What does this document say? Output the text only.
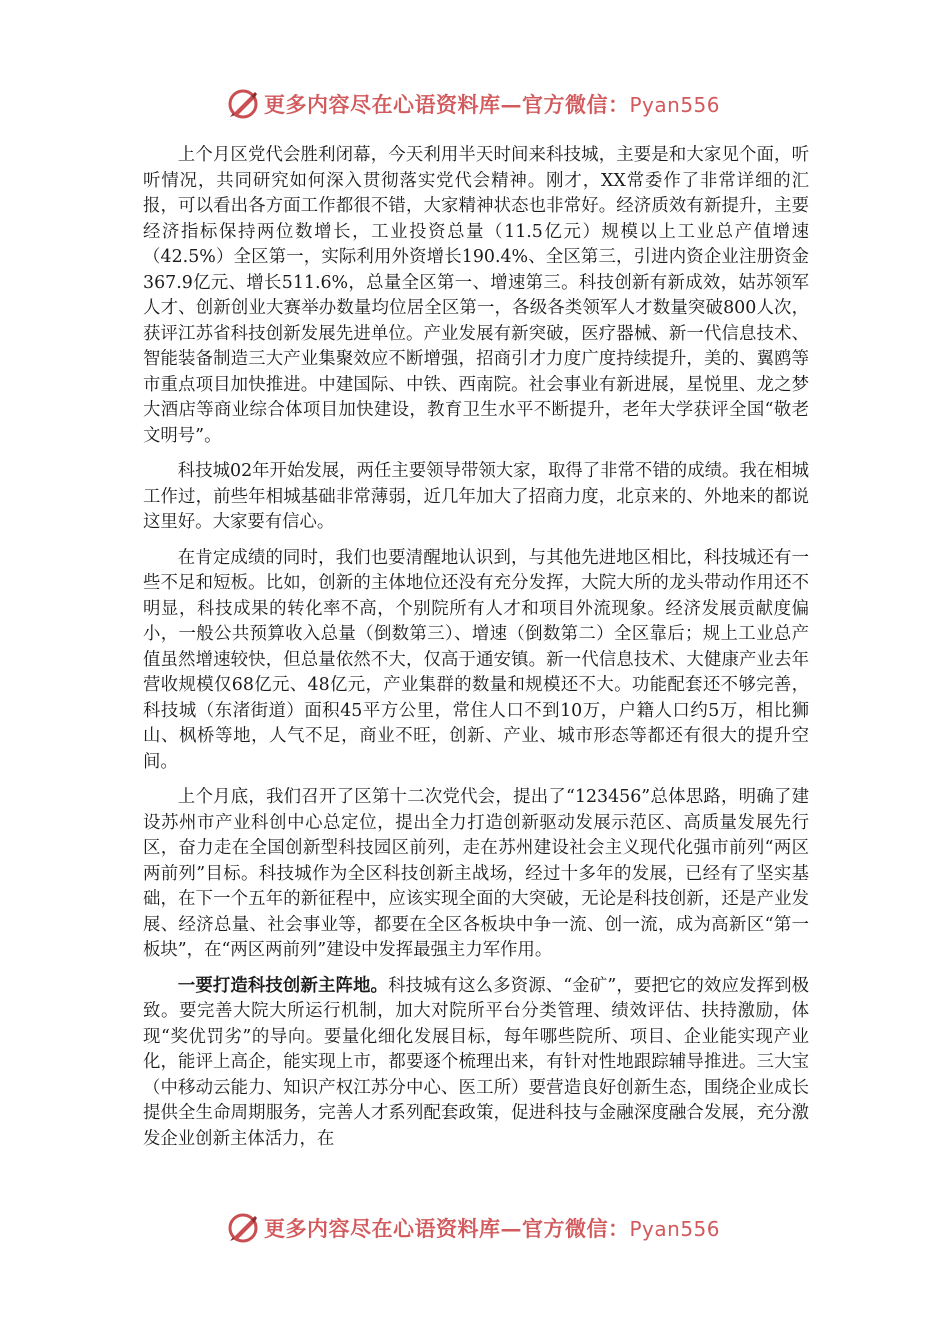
更多内容尽在心语资料库—官方微信：Pyan556

上个月区党代会胜利闭幕，今天利用半天时间来科技城，主要是和大家见个面，听听情况，共同研究如何深入贯彻落实党代会精神。刚才，XX常委作了非常详细的汇报，可以看出各方面工作都很不错，大家精神状态也非常好。经济质效有新提升，主要经济指标保持两位数增长，工业投资总量（11.5亿元）规模以上工业总产值增速（42.5%）全区第一，实际利用外资增长190.4%、全区第三，引进内资企业注册资金367.9亿元、增长511.6%，总量全区第一、增速第三。科技创新有新成效，姑苏领军人才、创新创业大赛举办数量均位居全区第一，各级各类领军人才数量突破800人次，获评江苏省科技创新发展先进单位。产业发展有新突破，医疗器械、新一代信息技术、智能装备制造三大产业集聚效应不断增强，招商引才力度广度持续提升，美的、翼鸥等市重点项目加快推进。中建国际、中铁、西南院。社会事业有新进展，星悦里、龙之梦大酒店等商业综合体项目加快建设，教育卫生水平不断提升，老年大学获评全国“敬老文明号”。

科技城02年开始发展，两任主要领导带领大家，取得了非常不错的成绩。我在相城工作过，前些年相城基础非常薄弱，近几年加大了招商力度，北京来的、外地来的都说这里好。大家要有信心。

在肯定成绩的同时，我们也要清醒地认识到，与其他先进地区相比，科技城还有一些不足和短板。比如，创新的主体地位还没有充分发挥，大院大所的龙头带动作用还不明显，科技成果的转化率不高，个别院所有人才和项目外流现象。经济发展贡献度偏小，一般公共预算收入总量（倒数第三）、增速（倒数第二）全区靠后；规上工业总产值虽然增速较快，但总量依然不大，仅高于通安镇。新一代信息技术、大健康产业去年营收规模仅68亿元、48亿元，产业集群的数量和规模还不大。功能配套还不够完善，科技城（东渚街道）面积45平方公里，常住人口不到10万，户籍人口约5万，相比狮山、枫桥等地，人气不足，商业不旺，创新、产业、城市形态等都还有很大的提升空间。

上个月底，我们召开了区第十二次党代会，提出了“123456”总体思路，明确了建设苏州市产业科创中心总定位，提出全力打造创新驱动发展示范区、高质量发展先行区，奋力走在全国创新型科技园区前列，走在苏州建设社会主义现代化强市前列“两区两前列”目标。科技城作为全区科技创新主战场，经过十多年的发展，已经有了坚实基础，在下一个五年的新征程中，应该实现全面的大突破，无论是科技创新，还是产业发展、经济总量、社会事业等，都要在全区各板块中争一流、创一流，成为高新区“第一板块”，在“两区两前列”建设中发挥最强主力军作用。

一要打造科技创新主阵地。科技城有这么多资源、“金矿”，要把它的效应发挥到极致。要完善大院大所运行机制，加大对院所平台分类管理、绩效评估、扶持激励，体现“奖优罚劣”的导向。要量化细化发展目标，每年哪些院所、项目、企业能实现产业化，能评上高企，能实现上市，都要逐个梳理出来，有针对性地跟踪辅导推进。三大宝（中移动云能力、知识产权江苏分中心、医工所）要营造良好创新生态，围绕企业成长提供全生命周期服务，完善人才系列配套政策，促进科技与金融深度融合发展，充分激发企业创新主体活力，在

更多内容尽在心语资料库—官方微信：Pyan556
